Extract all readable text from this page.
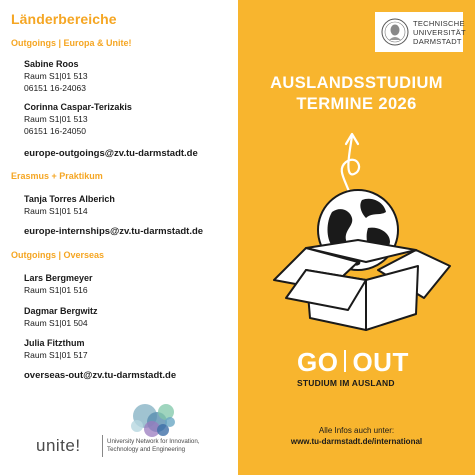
Länderbereiche
Outgoings | Europa & Unite!
Sabine Roos
Raum S1|01 513
06151 16-24063
Corinna Caspar-Terizakis
Raum S1|01 513
06151 16-24050
europe-outgoings@zv.tu-darmstadt.de
Erasmus + Praktikum
Tanja Torres Alberich
Raum S1|01 514
europe-internships@zv.tu-darmstadt.de
Outgoings | Overseas
Lars Bergmeyer
Raum S1|01 516
Dagmar Bergwitz
Raum S1|01 504
Julia Fitzthum
Raum S1|01 517
overseas-out@zv.tu-darmstadt.de
unite!	University Network for Innovation,
Technology and Engineering
TECHNISCHE
UNIVERSITÄT
DARMSTADT
AUSLANDSSTUDIUM
TERMINE 2026
GO OUT
STUDIUM IM AUSLAND
Alle Infos auch unter:
www.tu-darmstadt.de/international
